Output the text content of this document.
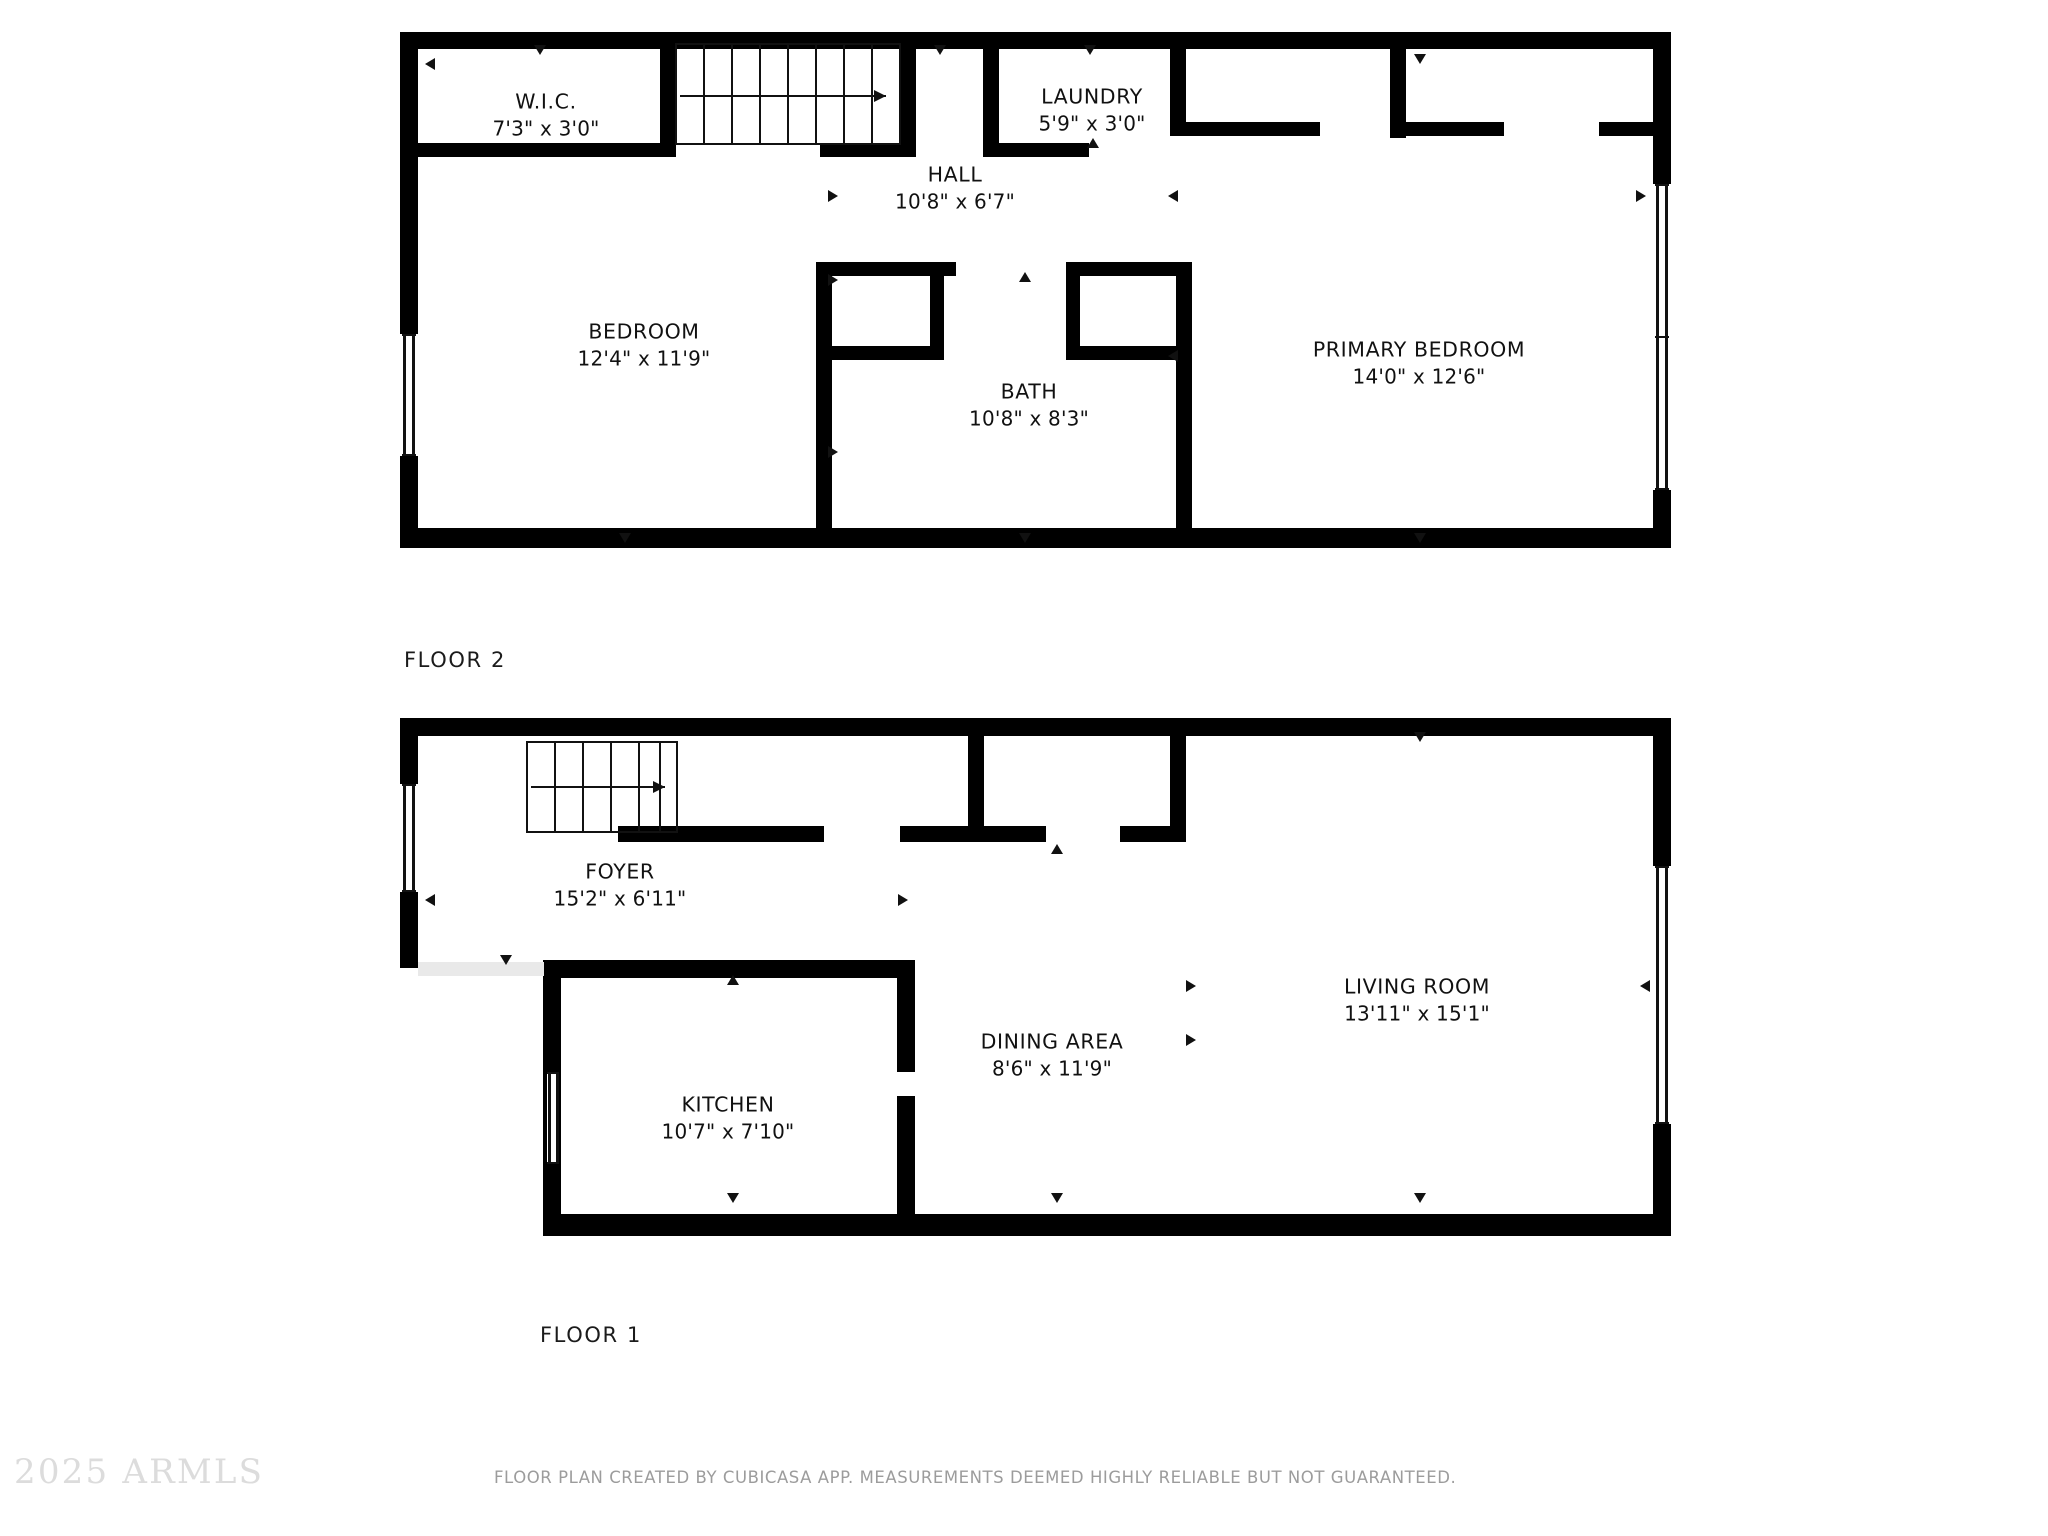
W.I.C.
7'3" x 3'0"
LAUNDRY
5'9" x 3'0"
HALL
10'8" x 6'7"
BEDROOM
12'4" x 11'9"	PRIMARY BEDROOM
14'0" x 12'6"
BATH
10'8" x 8'3"
FLOOR 2
FOYER
15'2" x 6'11"
LIVING ROOM
13'11" x 15'1"
DINING AREA
8'6" x 11'9"
KITCHEN
10'7" x 7'10"
FLOOR 1
FLOOR PLAN CREATED BY CUBICASA APP. MEASUREMENTS DEEMED HIGHLY RELIABLE BUT NOT GUARANTEED.
2025 ARMLS
